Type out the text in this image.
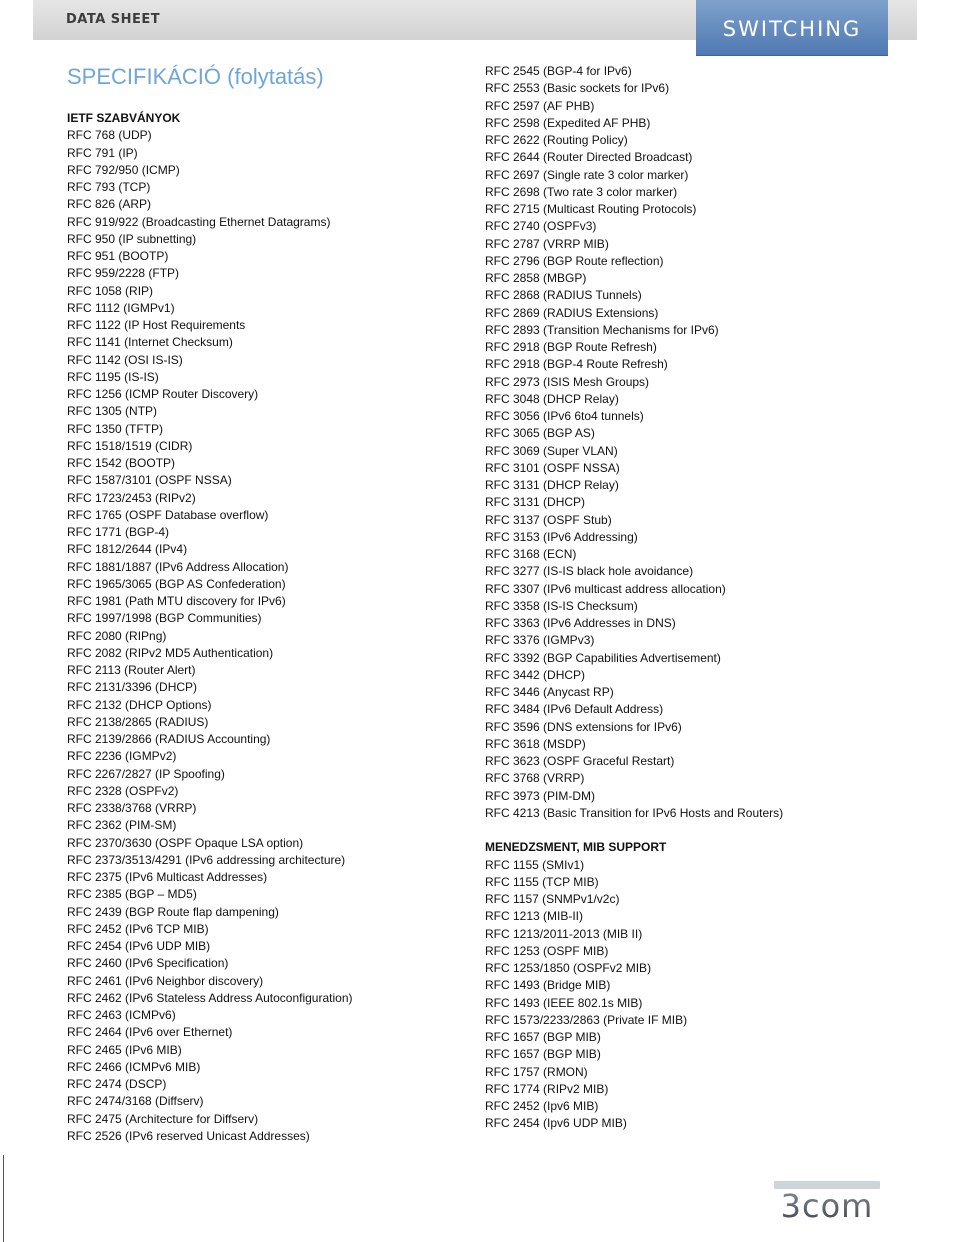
DATA SHEET	SWITCHING
SPECIFIKÁCIÓ (folytatás)
IETF SZABVÁNYOK
RFC 768 (UDP)
RFC 791 (IP)
RFC 792/950 (ICMP)
RFC 793 (TCP)
RFC 826 (ARP)
RFC 919/922 (Broadcasting Ethernet Datagrams)
RFC 950 (IP subnetting)
RFC 951 (BOOTP)
RFC 959/2228 (FTP)
RFC 1058 (RIP)
RFC 1112 (IGMPv1)
RFC 1122 (IP Host Requirements
RFC 1141 (Internet Checksum)
RFC 1142 (OSI IS-IS)
RFC 1195 (IS-IS)
RFC 1256 (ICMP Router Discovery)
RFC 1305 (NTP)
RFC 1350 (TFTP)
RFC 1518/1519 (CIDR)
RFC 1542 (BOOTP)
RFC 1587/3101 (OSPF NSSA)
RFC 1723/2453 (RIPv2)
RFC 1765 (OSPF Database overflow)
RFC 1771 (BGP-4)
RFC 1812/2644 (IPv4)
RFC 1881/1887 (IPv6 Address Allocation)
RFC 1965/3065 (BGP AS Confederation)
RFC 1981 (Path MTU discovery for IPv6)
RFC 1997/1998 (BGP Communities)
RFC 2080 (RIPng)
RFC 2082 (RIPv2 MD5 Authentication)
RFC 2113 (Router Alert)
RFC 2131/3396 (DHCP)
RFC 2132 (DHCP Options)
RFC 2138/2865 (RADIUS)
RFC 2139/2866 (RADIUS Accounting)
RFC 2236 (IGMPv2)
RFC 2267/2827 (IP Spoofing)
RFC 2328 (OSPFv2)
RFC 2338/3768 (VRRP)
RFC 2362 (PIM-SM)
RFC 2370/3630 (OSPF Opaque LSA option)
RFC 2373/3513/4291 (IPv6 addressing architecture)
RFC 2375 (IPv6 Multicast Addresses)
RFC 2385 (BGP – MD5)
RFC 2439 (BGP Route flap dampening)
RFC 2452 (IPv6 TCP MIB)
RFC 2454 (IPv6 UDP MIB)
RFC 2460 (IPv6 Specification)
RFC 2461 (IPv6 Neighbor discovery)
RFC 2462 (IPv6 Stateless Address Autoconfiguration)
RFC 2463 (ICMPv6)
RFC 2464 (IPv6 over Ethernet)
RFC 2465 (IPv6 MIB)
RFC 2466 (ICMPv6 MIB)
RFC 2474 (DSCP)
RFC 2474/3168 (Diffserv)
RFC 2475 (Architecture for Diffserv)
RFC 2526 (IPv6 reserved Unicast Addresses)
RFC 2545 (BGP-4 for IPv6)
RFC 2553 (Basic sockets for IPv6)
RFC 2597 (AF PHB)
RFC 2598 (Expedited AF PHB)
RFC 2622 (Routing Policy)
RFC 2644 (Router Directed Broadcast)
RFC 2697 (Single rate 3 color marker)
RFC 2698 (Two rate 3 color marker)
RFC 2715 (Multicast Routing Protocols)
RFC 2740 (OSPFv3)
RFC 2787 (VRRP MIB)
RFC 2796 (BGP Route reflection)
RFC 2858 (MBGP)
RFC 2868 (RADIUS Tunnels)
RFC 2869 (RADIUS Extensions)
RFC 2893 (Transition Mechanisms for IPv6)
RFC 2918 (BGP Route Refresh)
RFC 2918 (BGP-4 Route Refresh)
RFC 2973 (ISIS Mesh Groups)
RFC 3048 (DHCP Relay)
RFC 3056 (IPv6 6to4 tunnels)
RFC 3065 (BGP AS)
RFC 3069 (Super VLAN)
RFC 3101 (OSPF NSSA)
RFC 3131 (DHCP Relay)
RFC 3131 (DHCP)
RFC 3137 (OSPF Stub)
RFC 3153 (IPv6 Addressing)
RFC 3168 (ECN)
RFC 3277 (IS-IS black hole avoidance)
RFC 3307 (IPv6 multicast address allocation)
RFC 3358 (IS-IS Checksum)
RFC 3363 (IPv6 Addresses in DNS)
RFC 3376 (IGMPv3)
RFC 3392 (BGP Capabilities Advertisement)
RFC 3442 (DHCP)
RFC 3446 (Anycast RP)
RFC 3484 (IPv6 Default Address)
RFC 3596 (DNS extensions for IPv6)
RFC 3618 (MSDP)
RFC 3623 (OSPF Graceful Restart)
RFC 3768 (VRRP)
RFC 3973 (PIM-DM)
RFC 4213 (Basic Transition for IPv6 Hosts and Routers)
MENEDZSMENT, MIB SUPPORT
RFC 1155 (SMIv1)
RFC 1155 (TCP MIB)
RFC 1157 (SNMPv1/v2c)
RFC 1213 (MIB-II)
RFC 1213/2011-2013 (MIB II)
RFC 1253 (OSPF MIB)
RFC 1253/1850 (OSPFv2 MIB)
RFC 1493 (Bridge MIB)
RFC 1493 (IEEE 802.1s MIB)
RFC 1573/2233/2863 (Private IF MIB)
RFC 1657 (BGP MIB)
RFC 1657 (BGP MIB)
RFC 1757 (RMON)
RFC 1774 (RIPv2 MIB)
RFC 2452 (Ipv6 MIB)
RFC 2454 (Ipv6 UDP MIB)
3com
